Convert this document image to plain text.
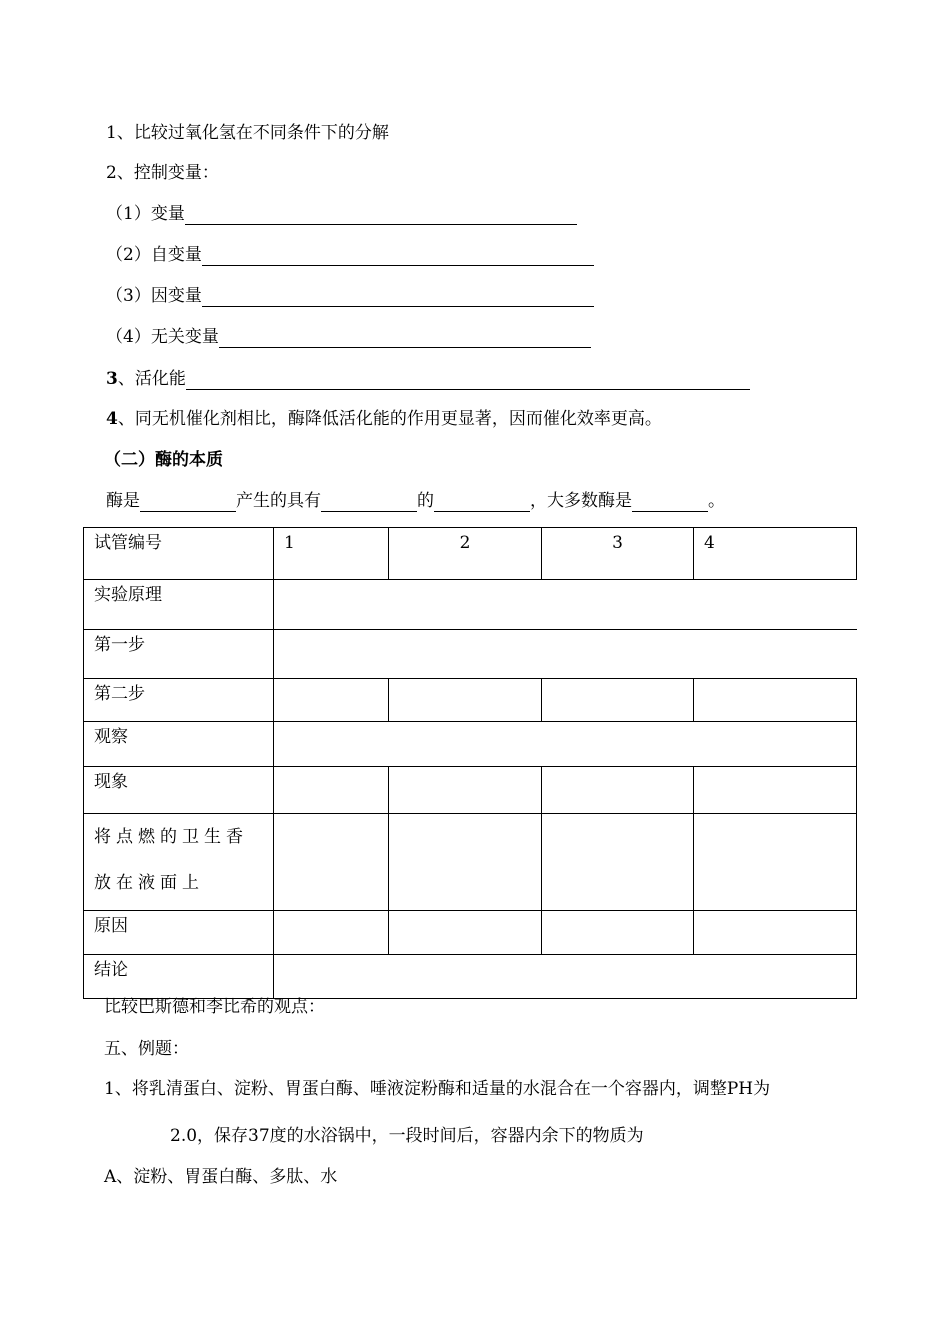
1、比较过氧化氢在不同条件下的分解
2、控制变量：
（1）变量
（2）自变量
（3）因变量
（4）无关变量
3、活化能
4、同无机催化剂相比，酶降低活化能的作用更显著，因而催化效率更高。
（二）酶的本质
酶是	产生的具有	的	，大多数酶是	。
试管编号	1	2	3	4
实验原理				
第一步				
第二步				
观察				
现象				
将点燃的卫生香放在液面上				
原因				
结论				
比较巴斯德和李比希的观点：
五、例题：
1、将乳清蛋白、淀粉、胃蛋白酶、唾液淀粉酶和适量的水混合在一个容器内，调整PH为
2.0，保存37度的水浴锅中，一段时间后，容器内余下的物质为
A、淀粉、胃蛋白酶、多肽、水
